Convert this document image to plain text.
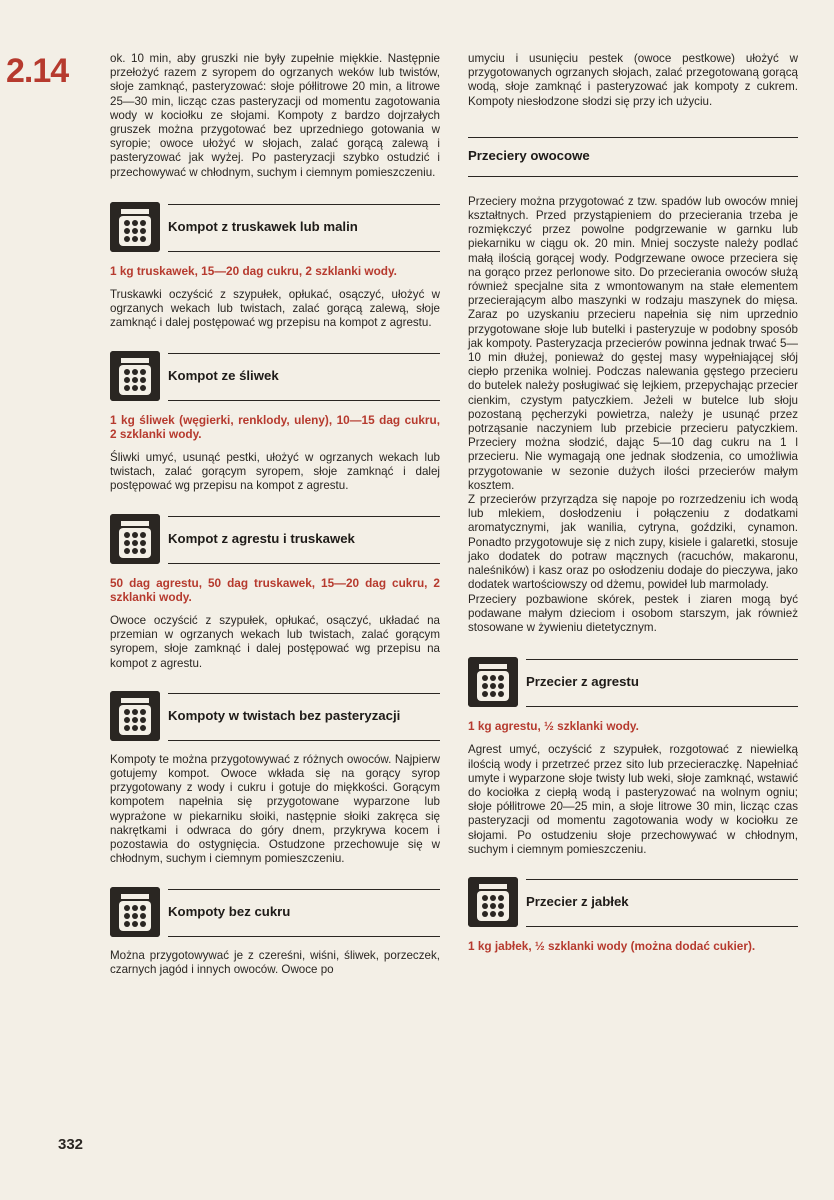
2.14
332

ok. 10 min, aby gruszki nie były zupełnie miękkie. Następnie przełożyć razem z syropem do ogrzanych weków lub twistów, słoje zamknąć, pasteryzować: słoje półlitrowe 20 min, a litrowe 25—30 min, licząc czas pasteryzacji od momentu zagotowania wody w kociołku ze słojami. Kompoty z bardzo dojrzałych gruszek można przygotować bez uprzedniego gotowania w syropie; owoce ułożyć w słojach, zalać gorącą zalewą i pasteryzować jak wyżej. Po pasteryzacji szybko ostudzić i przechowywać w chłodnym, suchym i ciemnym pomieszczeniu.

Kompot z truskawek lub malin

1 kg truskawek, 15—20 dag cukru, 2 szklanki wody.

Truskawki oczyścić z szypułek, opłukać, osączyć, ułożyć w ogrzanych wekach lub twistach, zalać gorącą zalewą, słoje zamknąć i dalej postępować wg przepisu na kompot z agrestu.

Kompot ze śliwek

1 kg śliwek (węgierki, renklody, uleny), 10—15 dag cukru, 2 szklanki wody.

Śliwki umyć, usunąć pestki, ułożyć w ogrzanych wekach lub twistach, zalać gorącym syropem, słoje zamknąć i dalej postępować wg przepisu na kompot z agrestu.

Kompot z agrestu i truskawek

50 dag agrestu, 50 dag truskawek, 15—20 dag cukru, 2 szklanki wody.

Owoce oczyścić z szypułek, opłukać, osączyć, układać na przemian w ogrzanych wekach lub twistach, zalać gorącym syropem, słoje zamknąć i dalej postępować wg przepisu na kompot z agrestu.

Kompoty w twistach bez pasteryzacji

Kompoty te można przygotowywać z różnych owoców. Najpierw gotujemy kompot. Owoce wkłada się na gorący syrop przygotowany z wody i cukru i gotuje do miękkości. Gorącym kompotem napełnia się przygotowane wyparzone lub wyprażone w piekarniku słoiki, następnie słoiki zakręca się nakrętkami i odwraca do góry dnem, przykrywa kocem i pozostawia do ostygnięcia. Ostudzone przechowuje się w chłodnym, suchym i ciemnym pomieszczeniu.

Kompoty bez cukru

Można przygotowywać je z czereśni, wiśni, śliwek, porzeczek, czarnych jagód i innych owoców. Owoce po

umyciu i usunięciu pestek (owoce pestkowe) ułożyć w przygotowanych ogrzanych słojach, zalać przegotowaną gorącą wodą, słoje zamknąć i pasteryzować jak kompoty z cukrem. Kompoty niesłodzone słodzi się przy ich użyciu.

Przeciery owocowe

Przeciery można przygotować z tzw. spadów lub owoców mniej kształtnych. Przed przystąpieniem do przecierania trzeba je rozmiękczyć przez powolne podgrzewanie w garnku lub piekarniku w ciągu ok. 20 min. Mniej soczyste należy podlać małą ilością gorącej wody. Podgrzewane owoce przeciera się na gorąco przez perlonowe sito. Do przecierania owoców służą również specjalne sita z wmontowanym na stałe elementem przecierającym albo maszynki w rodzaju maszynek do mięsa. Zaraz po uzyskaniu przecieru napełnia się nim uprzednio przygotowane słoje lub butelki i pasteryzuje w podobny sposób jak kompoty. Pasteryzacja przecierów powinna jednak trwać 5—10 min dłużej, ponieważ do gęstej masy wypełniającej słój ciepło przenika wolniej. Podczas nalewania gęstego przecieru do butelek należy posługiwać się lejkiem, przepychając przecier cienkim, czystym patyczkiem. Jeżeli w butelce lub słoju pozostaną pęcherzyki powietrza, należy je usunąć przez potrząsanie naczyniem lub przebicie przecieru patyczkiem. Przeciery można słodzić, dając 5—10 dag cukru na 1 l przecieru. Nie wymagają one jednak słodzenia, co umożliwia przygotowanie w sezonie dużych ilości przecierów małym kosztem.

Z przecierów przyrządza się napoje po rozrzedzeniu ich wodą lub mlekiem, dosłodzeniu i połączeniu z dodatkami aromatycznymi, jak wanilia, cytryna, goździki, cynamon. Ponadto przygotowuje się z nich zupy, kisiele i galaretki, stosuje jako dodatek do potraw mącznych (racuchów, makaronu, naleśników) i kasz oraz po osłodzeniu dodaje do pieczywa, jako dodatek wartościowszy od dżemu, powideł lub marmolady.

Przeciery pozbawione skórek, pestek i ziaren mogą być podawane małym dzieciom i osobom starszym, jak również stosowane w żywieniu dietetycznym.

Przecier z agrestu

1 kg agrestu, ½ szklanki wody.

Agrest umyć, oczyścić z szypułek, rozgotować z niewielką ilością wody i przetrzeć przez sito lub przecieraczkę. Napełniać umyte i wyparzone słoje twisty lub weki, słoje zamknąć, wstawić do kociołka z ciepłą wodą i pasteryzować na wolnym ogniu; słoje półlitrowe 20—25 min, a słoje litrowe 30 min, licząc czas pasteryzacji od momentu zagotowania wody w kociołku ze słojami. Po ostudzeniu słoje przechowywać w chłodnym, suchym i ciemnym pomieszczeniu.

Przecier z jabłek

1 kg jabłek, ½ szklanki wody (można dodać cukier).
